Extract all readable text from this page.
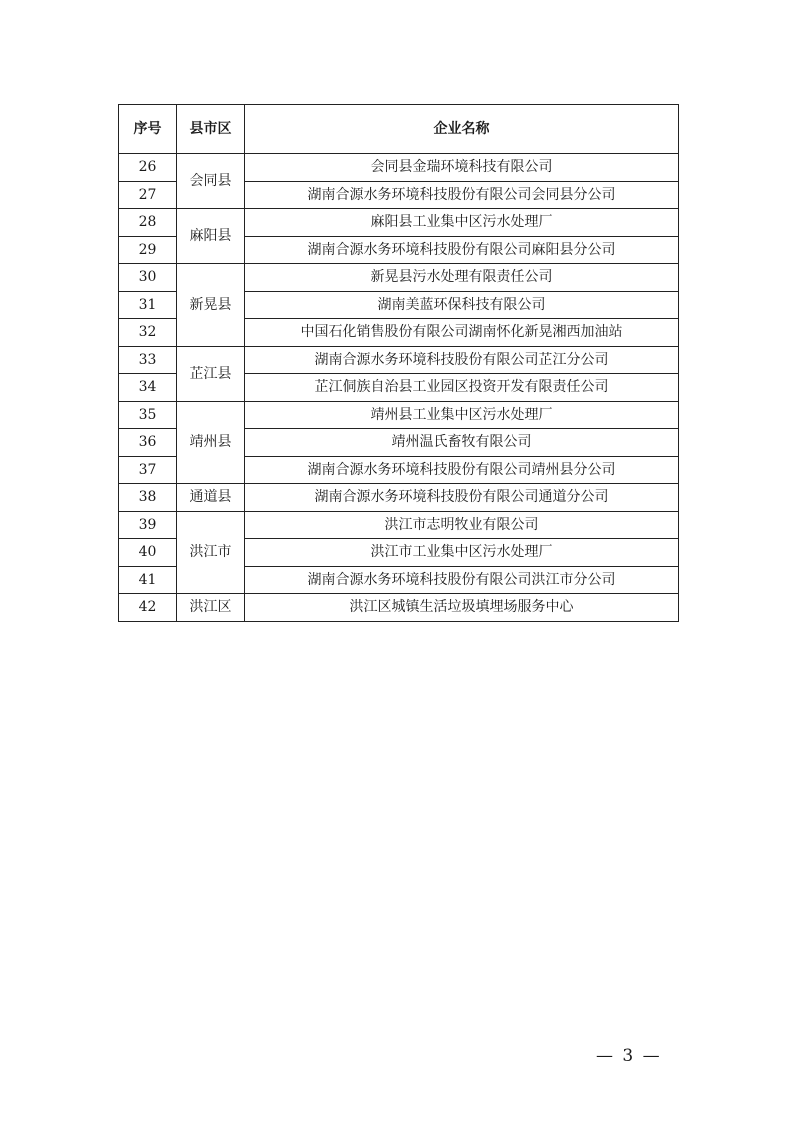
序号	县市区	企业名称
26	会同县	会同县金瑞环境科技有限公司
27		湖南合源水务环境科技股份有限公司会同县分公司
28	麻阳县	麻阳县工业集中区污水处理厂
29		湖南合源水务环境科技股份有限公司麻阳县分公司
30	新晃县	新晃县污水处理有限责任公司
31		湖南美蓝环保科技有限公司
32		中国石化销售股份有限公司湖南怀化新晃湘西加油站
33	芷江县	湖南合源水务环境科技股份有限公司芷江分公司
34		芷江侗族自治县工业园区投资开发有限责任公司
35	靖州县	靖州县工业集中区污水处理厂
36		靖州温氏畜牧有限公司
37		湖南合源水务环境科技股份有限公司靖州县分公司
38	通道县	湖南合源水务环境科技股份有限公司通道分公司
39	洪江市	洪江市志明牧业有限公司
40		洪江市工业集中区污水处理厂
41		湖南合源水务环境科技股份有限公司洪江市分公司
42	洪江区	洪江区城镇生活垃圾填埋场服务中心
— 3 —
